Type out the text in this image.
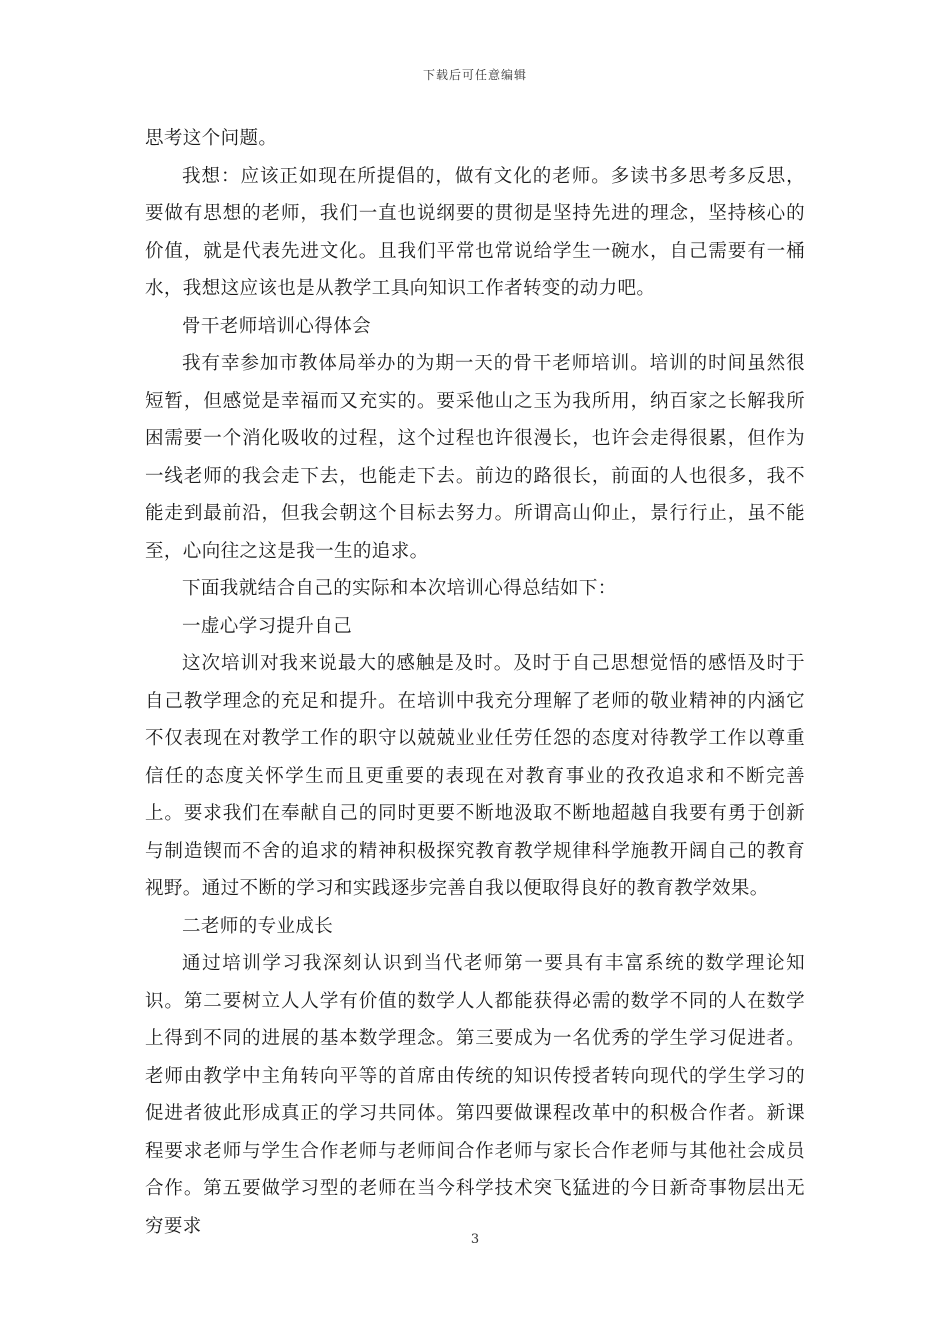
下载后可任意编辑

思考这个问题。

我想：应该正如现在所提倡的，做有文化的老师。多读书多思考多反思，要做有思想的老师，我们一直也说纲要的贯彻是坚持先进的理念，坚持核心的价值，就是代表先进文化。且我们平常也常说给学生一碗水，自己需要有一桶水，我想这应该也是从教学工具向知识工作者转变的动力吧。

骨干老师培训心得体会

我有幸参加市教体局举办的为期一天的骨干老师培训。培训的时间虽然很短暂，但感觉是幸福而又充实的。要采他山之玉为我所用，纳百家之长解我所困需要一个消化吸收的过程，这个过程也许很漫长，也许会走得很累，但作为一线老师的我会走下去，也能走下去。前边的路很长，前面的人也很多，我不能走到最前沿，但我会朝这个目标去努力。所谓高山仰止，景行行止，虽不能至，心向往之这是我一生的追求。

下面我就结合自己的实际和本次培训心得总结如下：

一虚心学习提升自己

这次培训对我来说最大的感触是及时。及时于自己思想觉悟的感悟及时于自己教学理念的充足和提升。在培训中我充分理解了老师的敬业精神的内涵它不仅表现在对教学工作的职守以兢兢业业任劳任怨的态度对待教学工作以尊重信任的态度关怀学生而且更重要的表现在对教育事业的孜孜追求和不断完善上。要求我们在奉献自己的同时更要不断地汲取不断地超越自我要有勇于创新与制造锲而不舍的追求的精神积极探究教育教学规律科学施教开阔自己的教育视野。通过不断的学习和实践逐步完善自我以便取得良好的教育教学效果。

二老师的专业成长

通过培训学习我深刻认识到当代老师第一要具有丰富系统的数学理论知识。第二要树立人人学有价值的数学人人都能获得必需的数学不同的人在数学上得到不同的进展的基本数学理念。第三要成为一名优秀的学生学习促进者。老师由教学中主角转向平等的首席由传统的知识传授者转向现代的学生学习的促进者彼此形成真正的学习共同体。第四要做课程改革中的积极合作者。新课程要求老师与学生合作老师与老师间合作老师与家长合作老师与其他社会成员合作。第五要做学习型的老师在当今科学技术突飞猛进的今日新奇事物层出无穷要求

3
